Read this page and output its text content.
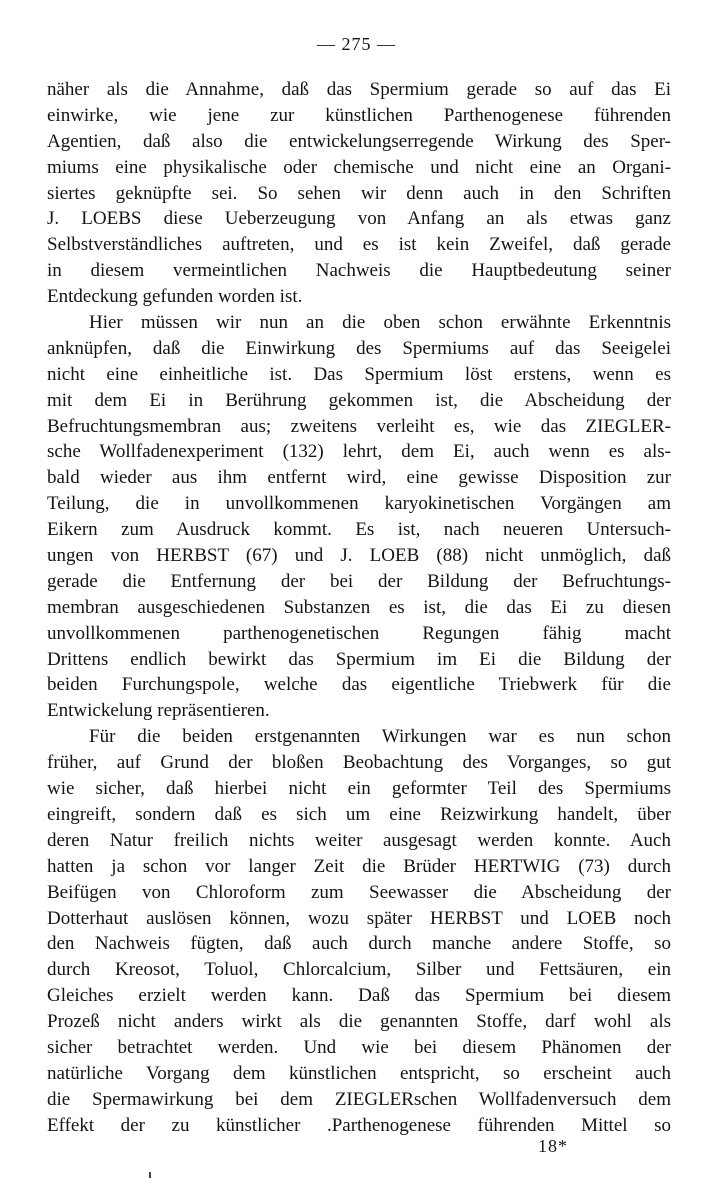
— 275 —
näher als die Annahme, daß das Spermium gerade so auf das Ei
einwirke, wie jene zur künstlichen Parthenogenese führenden
Agentien, daß also die entwickelungserregende Wirkung des Sper-
miums eine physikalische oder chemische und nicht eine an Organi-
siertes geknüpfte sei. So sehen wir denn auch in den Schriften
J. LOEBS diese Ueberzeugung von Anfang an als etwas ganz
Selbstverständliches auftreten, und es ist kein Zweifel, daß gerade
in diesem vermeintlichen Nachweis die Hauptbedeutung seiner
Entdeckung gefunden worden ist.
Hier müssen wir nun an die oben schon erwähnte Erkenntnis
anknüpfen, daß die Einwirkung des Spermiums auf das Seeigelei
nicht eine einheitliche ist. Das Spermium löst erstens, wenn es
mit dem Ei in Berührung gekommen ist, die Abscheidung der
Befruchtungsmembran aus; zweitens verleiht es, wie das ZIEGLER-
sche Wollfadenexperiment (132) lehrt, dem Ei, auch wenn es als-
bald wieder aus ihm entfernt wird, eine gewisse Disposition zur
Teilung, die in unvollkommenen karyokinetischen Vorgängen am
Eikern zum Ausdruck kommt. Es ist, nach neueren Untersuch-
ungen von HERBST (67) und J. LOEB (88) nicht unmöglich, daß
gerade die Entfernung der bei der Bildung der Befruchtungs-
membran ausgeschiedenen Substanzen es ist, die das Ei zu diesen
unvollkommenen parthenogenetischen Regungen fähig macht
Drittens endlich bewirkt das Spermium im Ei die Bildung der
beiden Furchungspole, welche das eigentliche Triebwerk für die
Entwickelung repräsentieren.
Für die beiden erstgenannten Wirkungen war es nun schon
früher, auf Grund der bloßen Beobachtung des Vorganges, so gut
wie sicher, daß hierbei nicht ein geformter Teil des Spermiums
eingreift, sondern daß es sich um eine Reizwirkung handelt, über
deren Natur freilich nichts weiter ausgesagt werden konnte. Auch
hatten ja schon vor langer Zeit die Brüder HERTWIG (73) durch
Beifügen von Chloroform zum Seewasser die Abscheidung der
Dotterhaut auslösen können, wozu später HERBST und LOEB noch
den Nachweis fügten, daß auch durch manche andere Stoffe, so
durch Kreosot, Toluol, Chlorcalcium, Silber und Fettsäuren, ein
Gleiches erzielt werden kann. Daß das Spermium bei diesem
Prozeß nicht anders wirkt als die genannten Stoffe, darf wohl als
sicher betrachtet werden. Und wie bei diesem Phänomen der
natürliche Vorgang dem künstlichen entspricht, so erscheint auch
die Spermawirkung bei dem ZIEGLERschen Wollfadenversuch dem
Effekt der zu künstlicher .Parthenogenese führenden Mittel so
18*
